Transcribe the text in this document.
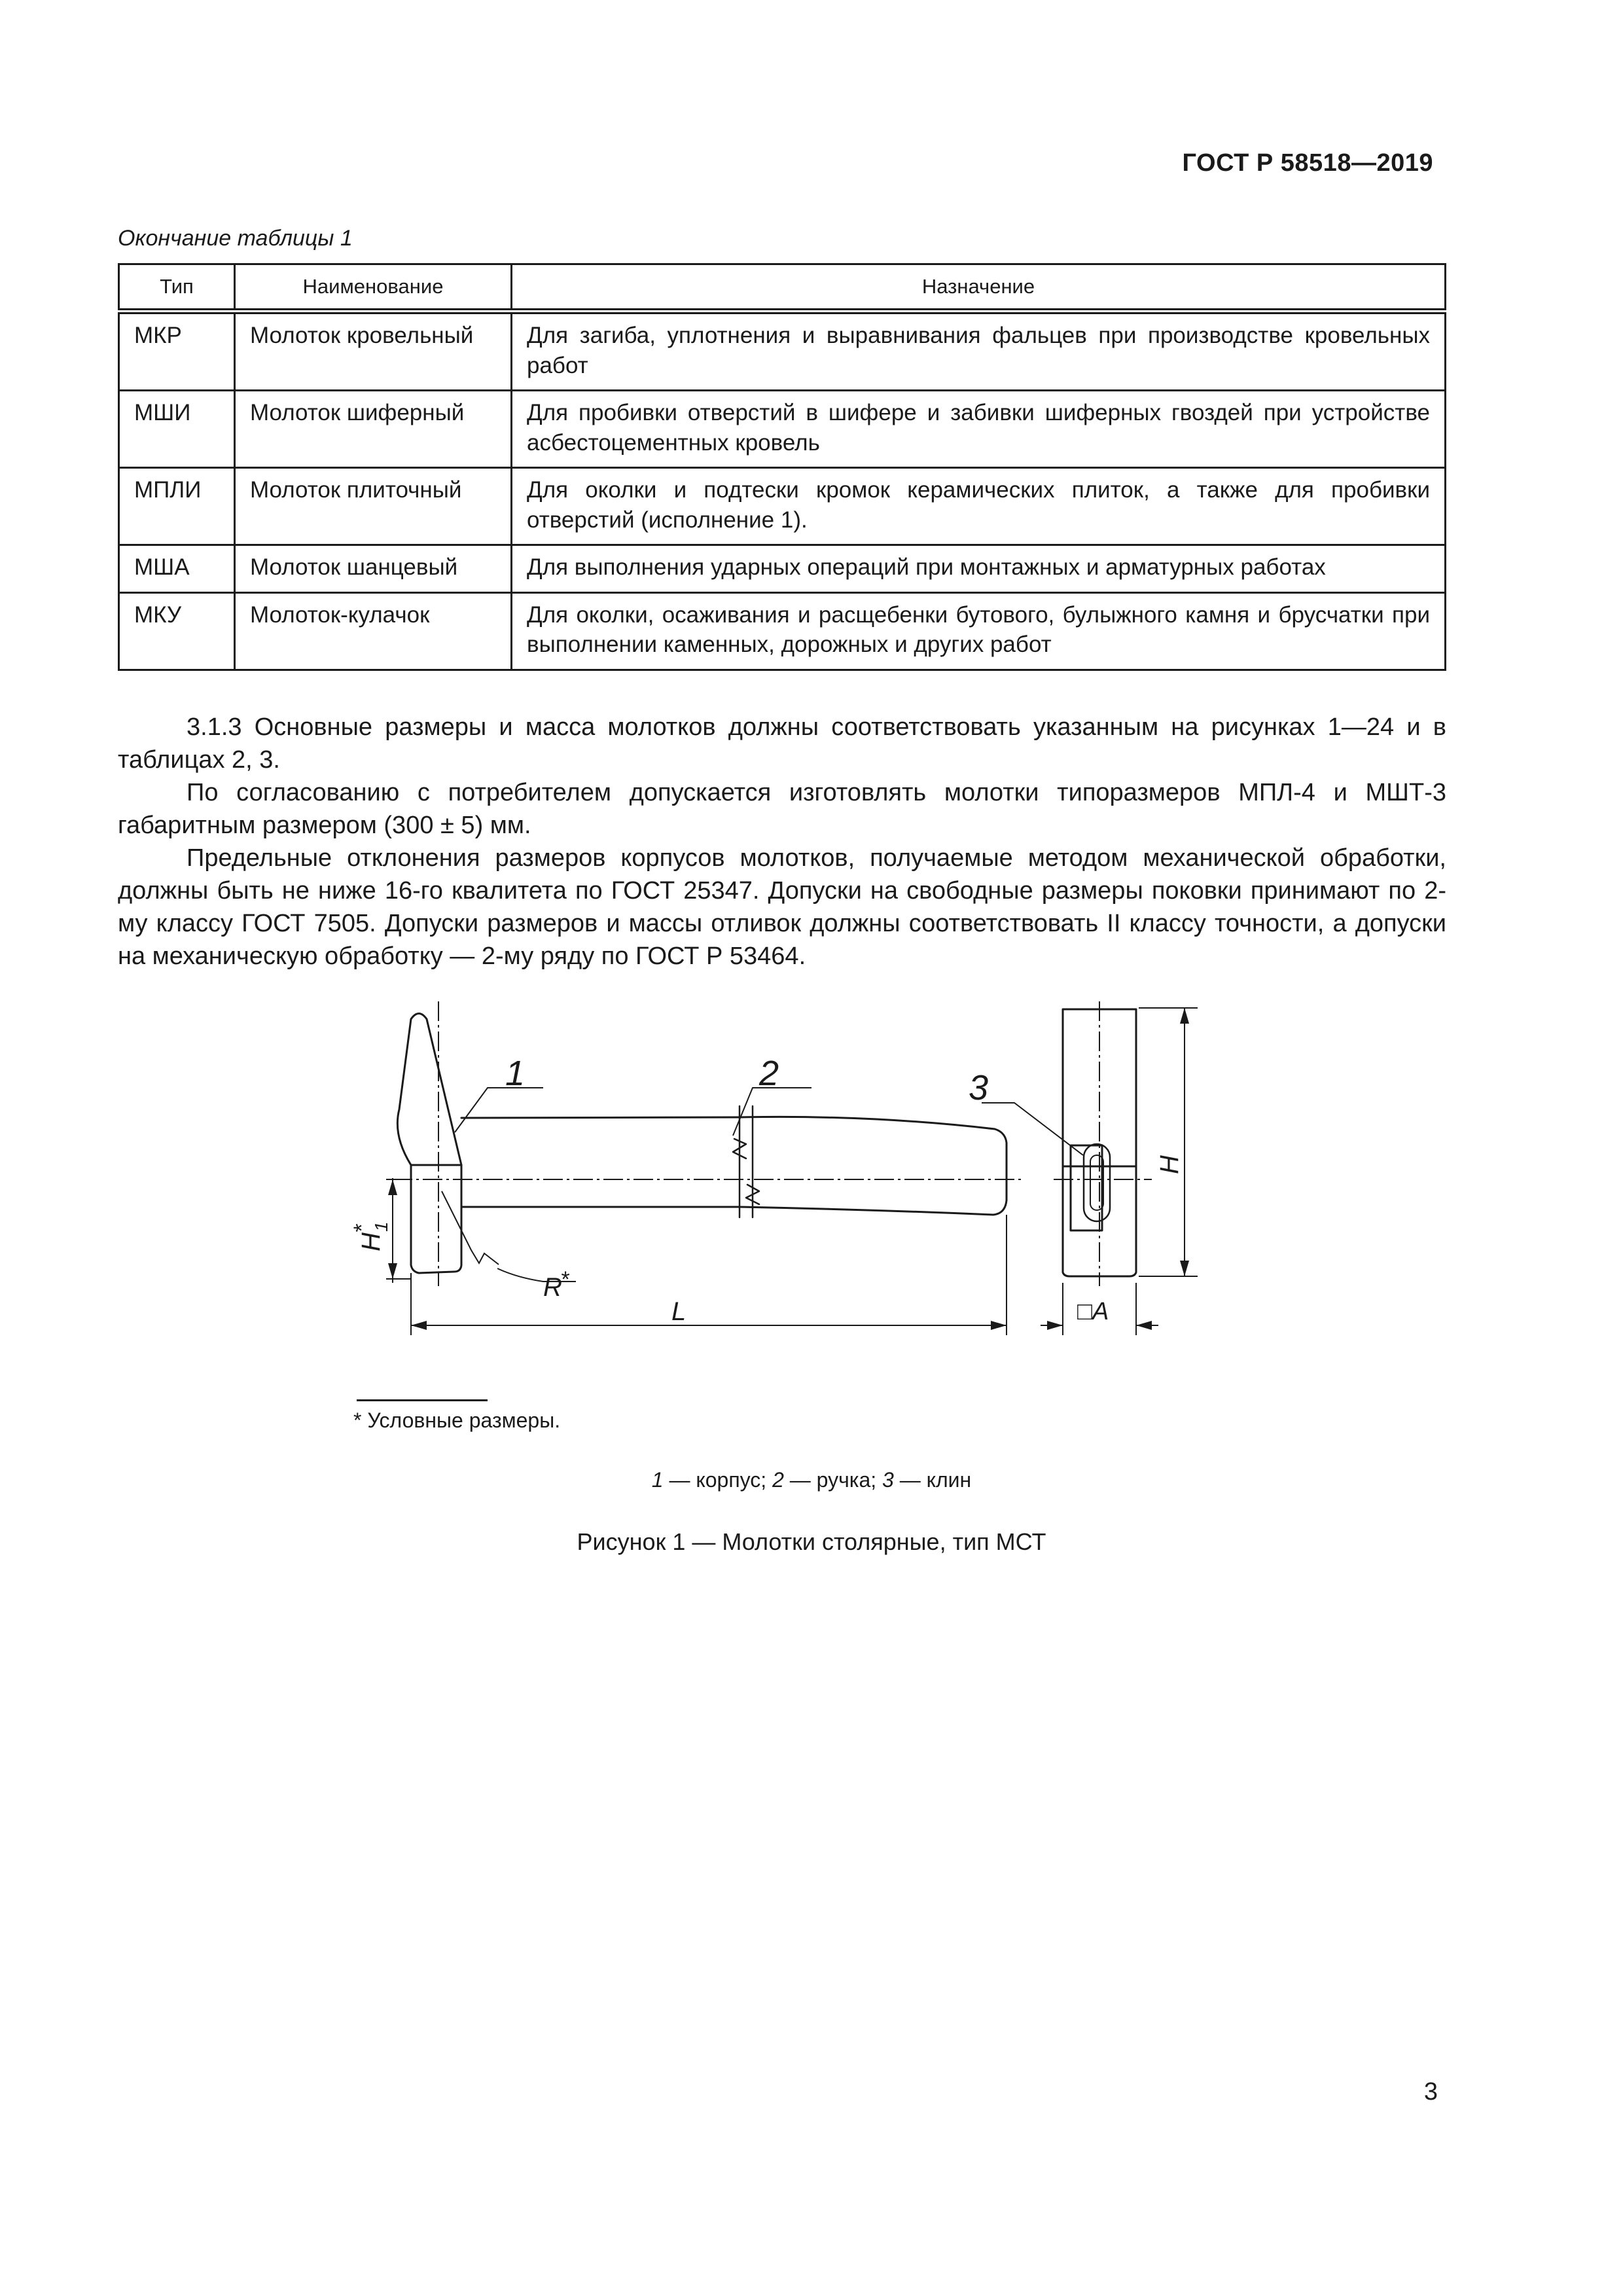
ГОСТ Р 58518—2019
Окончание таблицы 1
Тип	Наименование	Назначение
МКР	Молоток кровельный	Для загиба, уплотнения и выравнивания фальцев при производстве кровельных работ
МШИ	Молоток шиферный	Для пробивки отверстий в шифере и забивки шиферных гвоздей при устройстве асбестоцементных кровель
МПЛИ	Молоток плиточный	Для околки и подтески кромок керамических плиток, а также для пробивки отверстий (исполнение 1).
МША	Молоток шанцевый	Для выполнения ударных операций при монтажных и арматурных работах
МКУ	Молоток-кулачок	Для околки, осаживания и расщебенки бутового, булыжного камня и брусчатки при выполнении каменных, дорожных и других работ

3.1.3 Основные размеры и масса молотков должны соответствовать указанным на рисунках 1—24 и в таблицах 2, 3.

По согласованию с потребителем допускается изготовлять молотки типоразмеров МПЛ-4 и МШТ-3 габаритным размером (300 ± 5) мм.

Предельные отклонения размеров корпусов молотков, получаемые методом механической обработки, должны быть не ниже 16-го квалитета по ГОСТ 25347. Допуски на свободные размеры поковки принимают по 2-му классу ГОСТ 7505. Допуски размеров и массы отливок должны соответствовать II классу точности, а допуски на механическую обработку — 2-му ряду по ГОСТ Р 53464.

1	2	3
H
1
*
R
*
L
H
□A
* Условные размеры.
1 — корпус; 2 — ручка; 3 — клин
Рисунок 1 — Молотки столярные, тип МСТ
3
